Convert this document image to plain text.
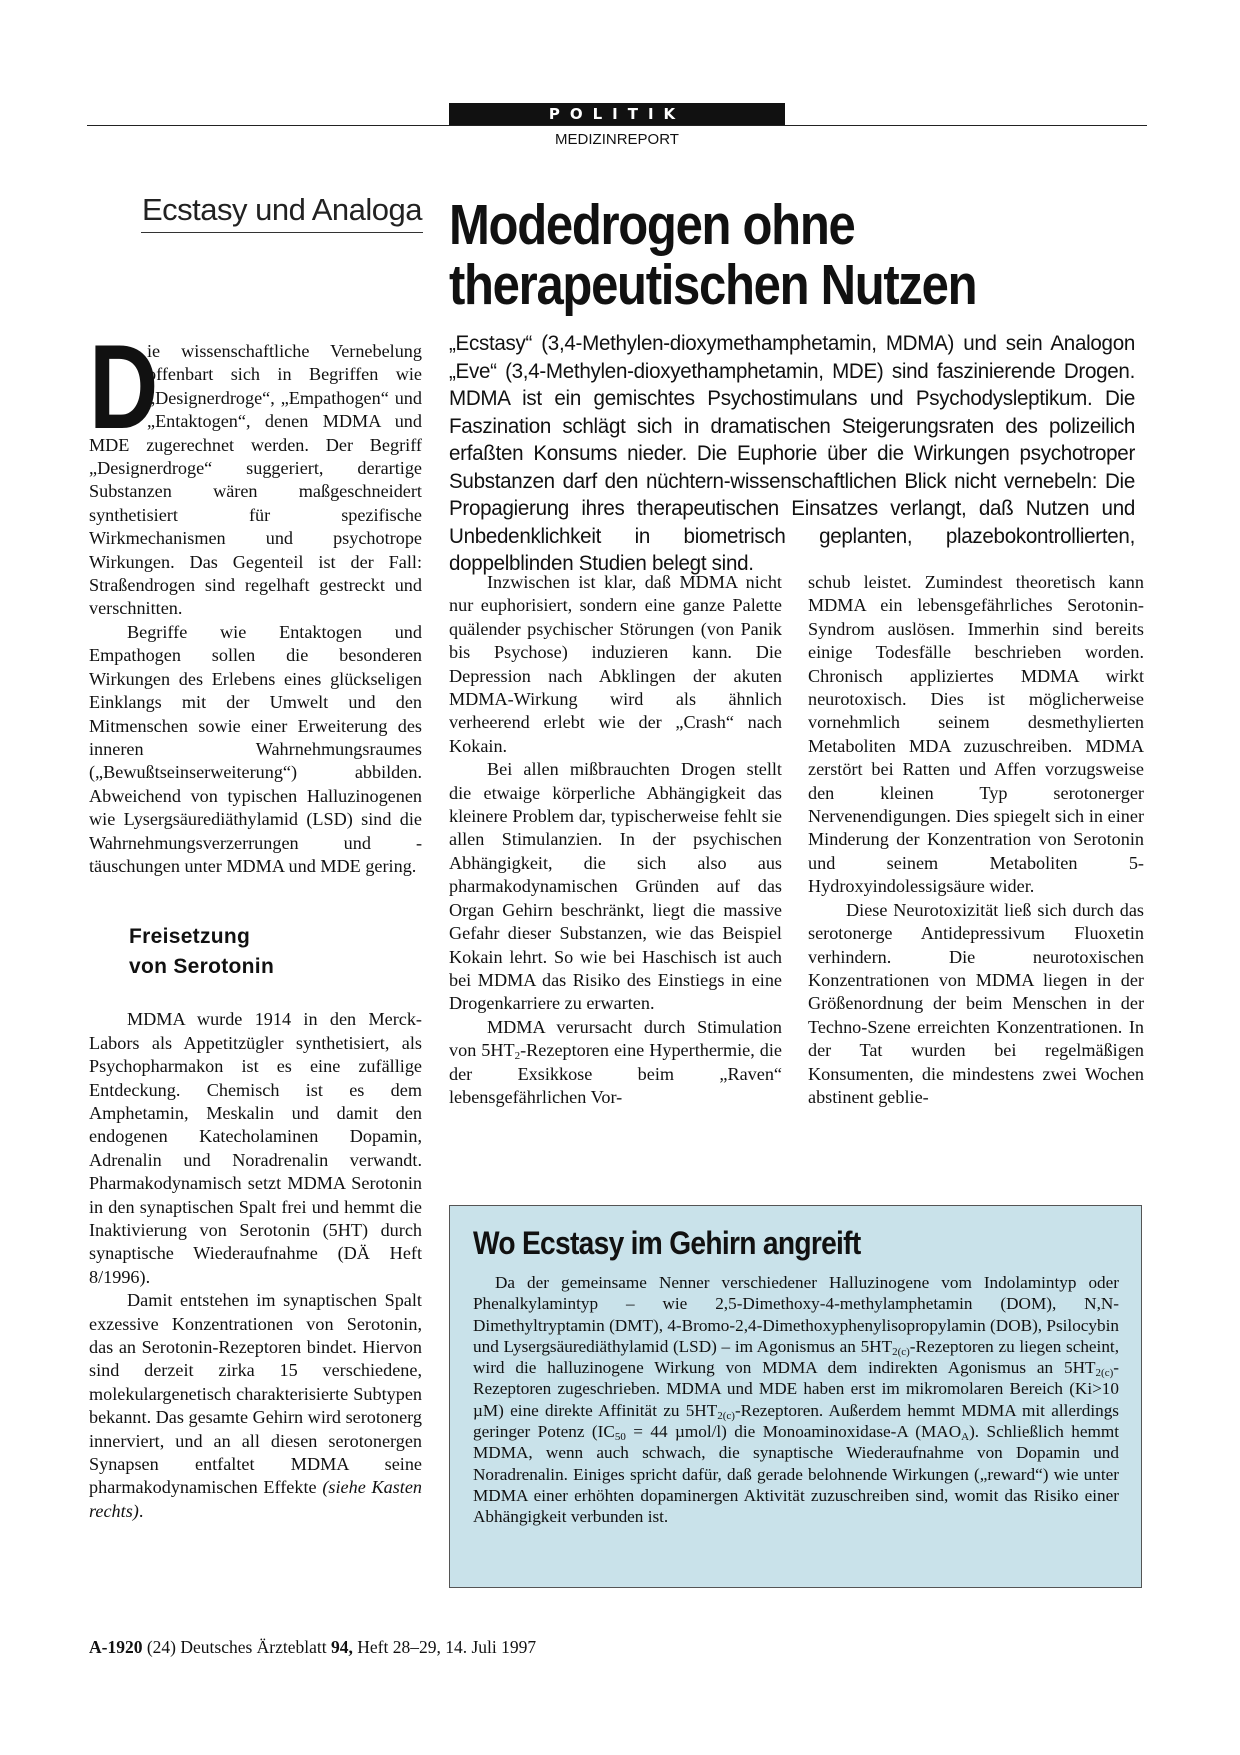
POLITIK
MEDIZINREPORT
Ecstasy und Analoga Modedrogen ohne
therapeutischen Nutzen
„Ecstasy“ (3,4-Methylen-dioxymethamphetamin, MDMA) und sein Analogon „Eve“ (3,4-Methylen-dioxyethamphetamin, MDE) sind faszinierende Drogen. MDMA ist ein gemischtes Psychostimulans und Psychodysleptikum. Die Faszination schlägt sich in dramatischen Steigerungsraten des polizeilich erfaßten Konsums nieder. Die Euphorie über die Wirkungen psychotroper Substanzen darf den nüchtern-wissenschaftlichen Blick nicht vernebeln: Die Propagierung ihres therapeutischen Einsatzes verlangt, daß Nutzen und Unbedenklichkeit in biometrisch geplanten, plazebokontrollierten, doppelblinden Studien belegt sind.

D
ie wissenschaftliche Vernebelung offenbart sich in Begriffen wie „Designerdroge“, „Empathogen“ und „Entaktogen“, denen MDMA und MDE zugerechnet werden. Der Begriff „Designerdroge“ suggeriert, derartige Substanzen wären maßgeschneidert synthetisiert für spezifische Wirkmechanismen und psychotrope Wirkungen. Das Gegenteil ist der Fall: Straßendrogen sind regelhaft gestreckt und verschnitten.

Begriffe wie Entaktogen und Empathogen sollen die besonderen Wirkungen des Erlebens eines glückseligen Einklangs mit der Umwelt und den Mitmenschen sowie einer Erweiterung des inneren Wahrnehmungsraumes („Bewußtseinserweiterung“) abbilden. Abweichend von typischen Halluzinogenen wie Lysergsäurediäthylamid (LSD) sind die Wahrnehmungsverzerrungen und -täuschungen unter MDMA und MDE gering.

Freisetzung
von Serotonin

MDMA wurde 1914 in den Merck-Labors als Appetitzügler synthetisiert, als Psychopharmakon ist es eine zufällige Entdeckung. Chemisch ist es dem Amphetamin, Meskalin und damit den endogenen Katecholaminen Dopamin, Adrenalin und Noradrenalin verwandt. Pharmakodynamisch setzt MDMA Serotonin in den synaptischen Spalt frei und hemmt die Inaktivierung von Serotonin (5HT) durch synaptische Wiederaufnahme (DÄ Heft 8/1996).

Damit entstehen im synaptischen Spalt exzessive Konzentrationen von Serotonin, das an Serotonin-Rezeptoren bindet. Hiervon sind derzeit zirka 15 verschiedene, molekulargenetisch charakterisierte Subtypen bekannt. Das gesamte Gehirn wird serotonerg innerviert, und an all diesen serotonergen Synapsen entfaltet MDMA seine pharmakodynamischen Effekte (siehe Kasten rechts).

Inzwischen ist klar, daß MDMA nicht nur euphorisiert, sondern eine ganze Palette quälender psychischer Störungen (von Panik bis Psychose) induzieren kann. Die Depression nach Abklingen der akuten MDMA-Wirkung wird als ähnlich verheerend erlebt wie der „Crash“ nach Kokain.

Bei allen mißbrauchten Drogen stellt die etwaige körperliche Abhängigkeit das kleinere Problem dar, typischerweise fehlt sie allen Stimulanzien. In der psychischen Abhängigkeit, die sich also aus pharmakodynamischen Gründen auf das Organ Gehirn beschränkt, liegt die massive Gefahr dieser Substanzen, wie das Beispiel Kokain lehrt. So wie bei Haschisch ist auch bei MDMA das Risiko des Einstiegs in eine Drogenkarriere zu erwarten.

MDMA verursacht durch Stimulation von $5HT_2$-Rezeptoren eine Hyperthermie, die der Exsikkose beim „Raven“ lebensgefährlichen Vor-

schub leistet. Zumindest theoretisch kann MDMA ein lebensgefährliches Serotonin-Syndrom auslösen. Immerhin sind bereits einige Todesfälle beschrieben worden. Chronisch appliziertes MDMA wirkt neurotoxisch. Dies ist möglicherweise vornehmlich seinem desmethylierten Metaboliten MDA zuzuschreiben. MDMA zerstört bei Ratten und Affen vorzugsweise den kleinen Typ serotonerger Nervenendigungen. Dies spiegelt sich in einer Minderung der Konzentration von Serotonin und seinem Metaboliten 5-Hydroxyindolessigsäure wider.

Diese Neurotoxizität ließ sich durch das serotonerge Antidepressivum Fluoxetin verhindern. Die neurotoxischen Konzentrationen von MDMA liegen in der Größenordnung der beim Menschen in der Techno-Szene erreichten Konzentrationen. In der Tat wurden bei regelmäßigen Konsumenten, die mindestens zwei Wochen abstinent geblie-

Wo Ecstasy im Gehirn angreift

Da der gemeinsame Nenner verschiedener Halluzinogene vom Indolamintyp oder Phenalkylamintyp – wie 2,5-Dimethoxy-4-methylamphetamin (DOM), N,N-Dimethyltryptamin (DMT), 4-Bromo-2,4-Dimethoxyphenylisopropylamin (DOB), Psilocybin und Lysergsäurediäthylamid (LSD) – im Agonismus an $5HT_{2(c)}$-Rezeptoren zu liegen scheint, wird die halluzinogene Wirkung von MDMA dem indirekten Agonismus an $5HT_{2(c)}$-Rezeptoren zugeschrieben. MDMA und MDE haben erst im mikromolaren Bereich (Ki>10 µM) eine direkte Affinität zu $5HT_{2(c)}$-Rezeptoren. Außerdem hemmt MDMA mit allerdings geringer Potenz ($IC_{50} = 44$ µmol/l) die Monoaminoxidase-A $(MAO_A)$. Schließlich hemmt MDMA, wenn auch schwach, die synaptische Wiederaufnahme von Dopamin und Noradrenalin. Einiges spricht dafür, daß gerade belohnende Wirkungen („reward“) wie unter MDMA einer erhöhten dopaminergen Aktivität zuzuschreiben sind, womit das Risiko einer Abhängigkeit verbunden ist.

A-1920 (24) Deutsches Ärzteblatt 94, Heft 28–29, 14. Juli 1997
